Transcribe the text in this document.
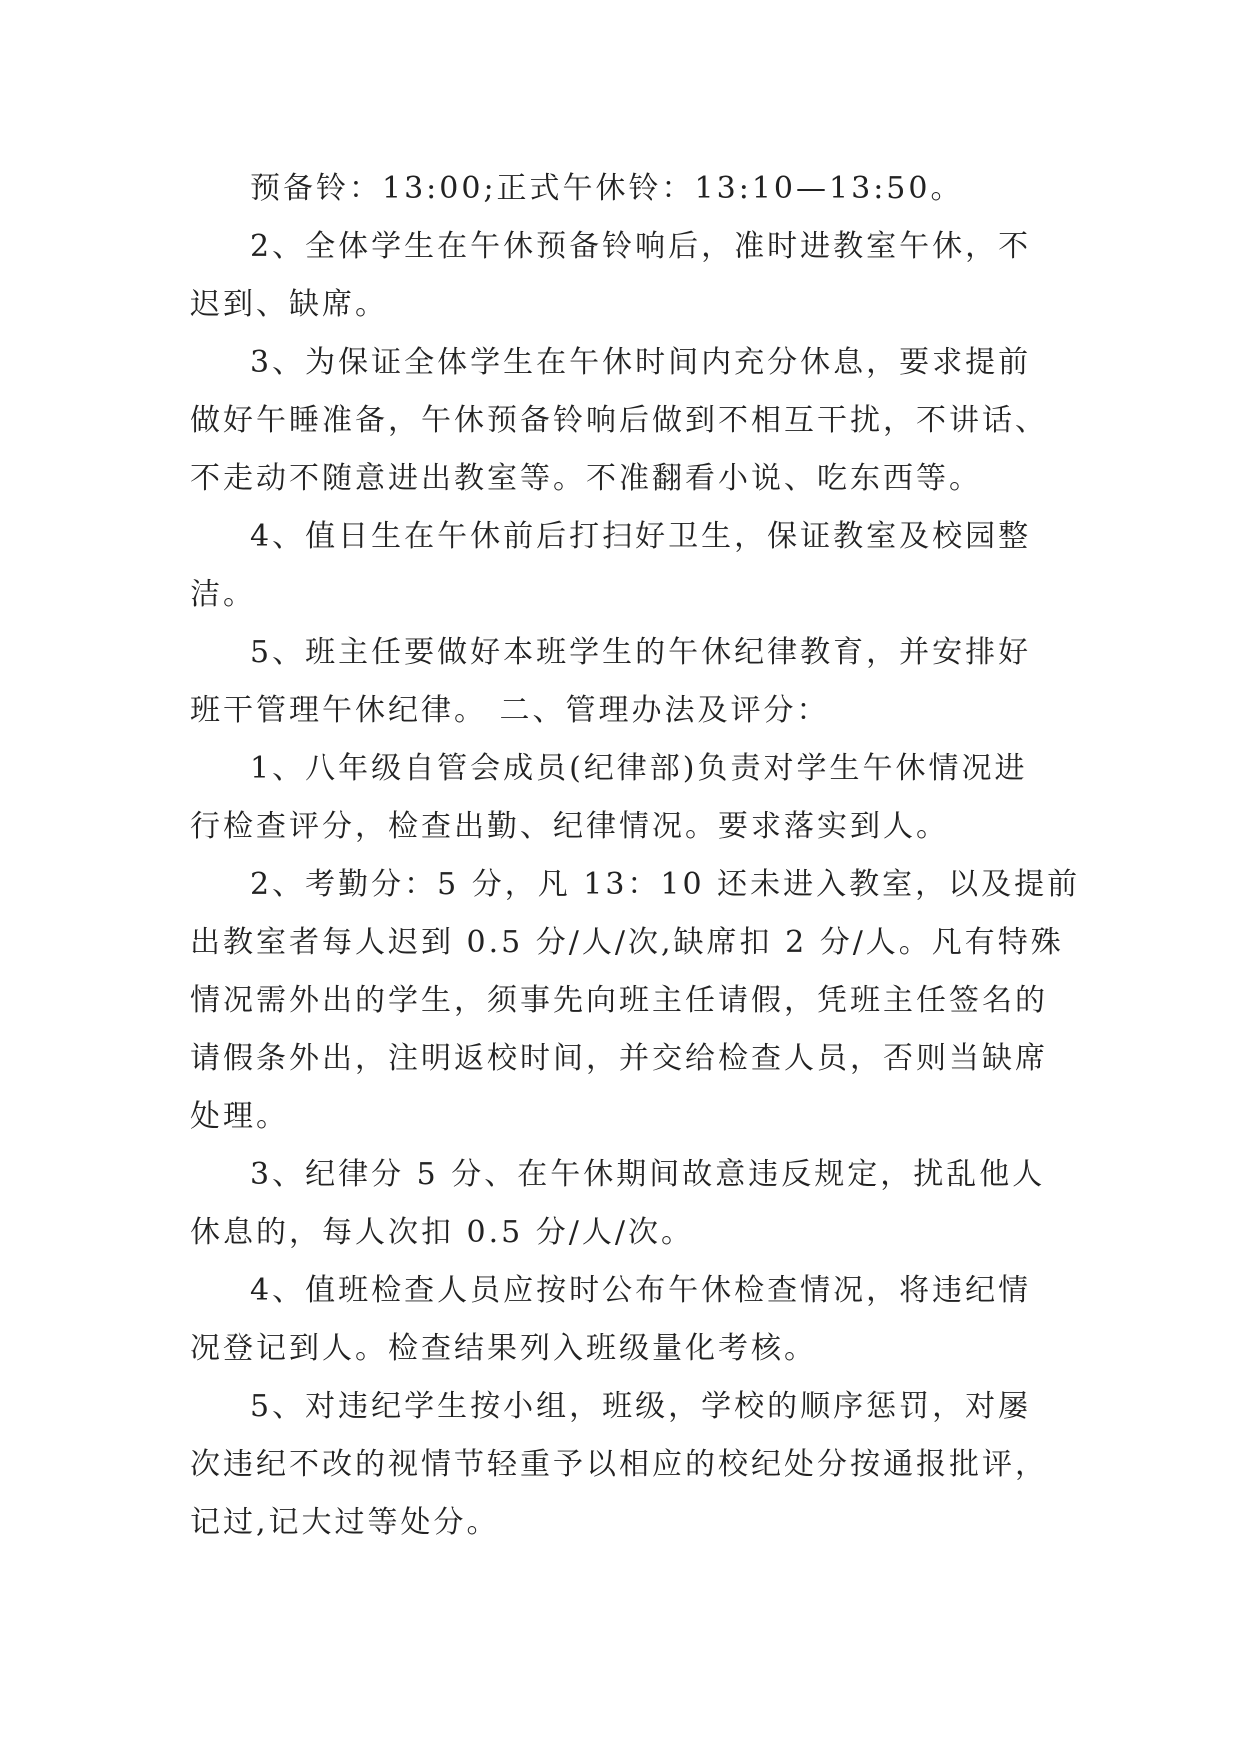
预备铃：13:00;正式午休铃：13:10—13:50。
2、全体学生在午休预备铃响后，准时进教室午休，不
迟到、缺席。
3、为保证全体学生在午休时间内充分休息，要求提前
做好午睡准备，午休预备铃响后做到不相互干扰，不讲话、
不走动不随意进出教室等。不准翻看小说、吃东西等。
4、值日生在午休前后打扫好卫生，保证教室及校园整
洁。
5、班主任要做好本班学生的午休纪律教育，并安排好
班干管理午休纪律。 二、管理办法及评分：
1、八年级自管会成员(纪律部)负责对学生午休情况进
行检查评分，检查出勤、纪律情况。要求落实到人。
2、考勤分：5 分，凡 13：10 还未进入教室，以及提前
出教室者每人迟到 0.5 分/人/次,缺席扣 2 分/人。凡有特殊
情况需外出的学生，须事先向班主任请假，凭班主任签名的
请假条外出，注明返校时间，并交给检查人员，否则当缺席
处理。
3、纪律分 5 分、在午休期间故意违反规定，扰乱他人
休息的，每人次扣 0.5 分/人/次。
4、值班检查人员应按时公布午休检查情况，将违纪情
况登记到人。检查结果列入班级量化考核。
5、对违纪学生按小组，班级，学校的顺序惩罚，对屡
次违纪不改的视情节轻重予以相应的校纪处分按通报批评，
记过,记大过等处分。
